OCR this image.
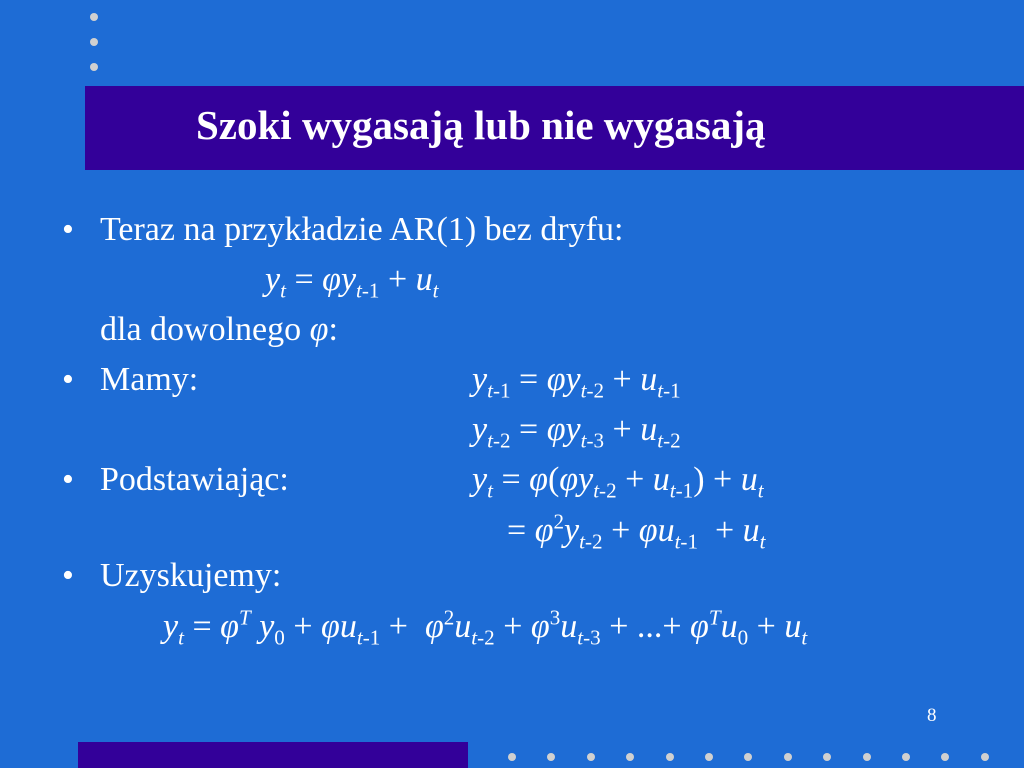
Szoki wygasają lub nie wygasają
• Teraz na przykładzie AR(1) bez dryfu:
$y_t = \varphi y_{t-1} + u_t$
dla dowolnego φ:
• Mamy:	$y_{t-1} = \varphi y_{t-2} + u_{t-1}$
$y_{t-2} = \varphi y_{t-3} + u_{t-2}$
• Podstawiając:	$y_t = \varphi(\varphi y_{t-2} + u_{t-1}) + u_t$
= $\varphi^2y_{t-2} + \varphi u_{t-1} + u_t$
• Uzyskujemy:
$y_t = \varphi^T$ $y_0 + \varphi u_{t-1} + \varphi^2u_{t-2} + \varphi^3u_{t-3}$ + ...+ $\varphi^Tu_0 + u_t$
8
